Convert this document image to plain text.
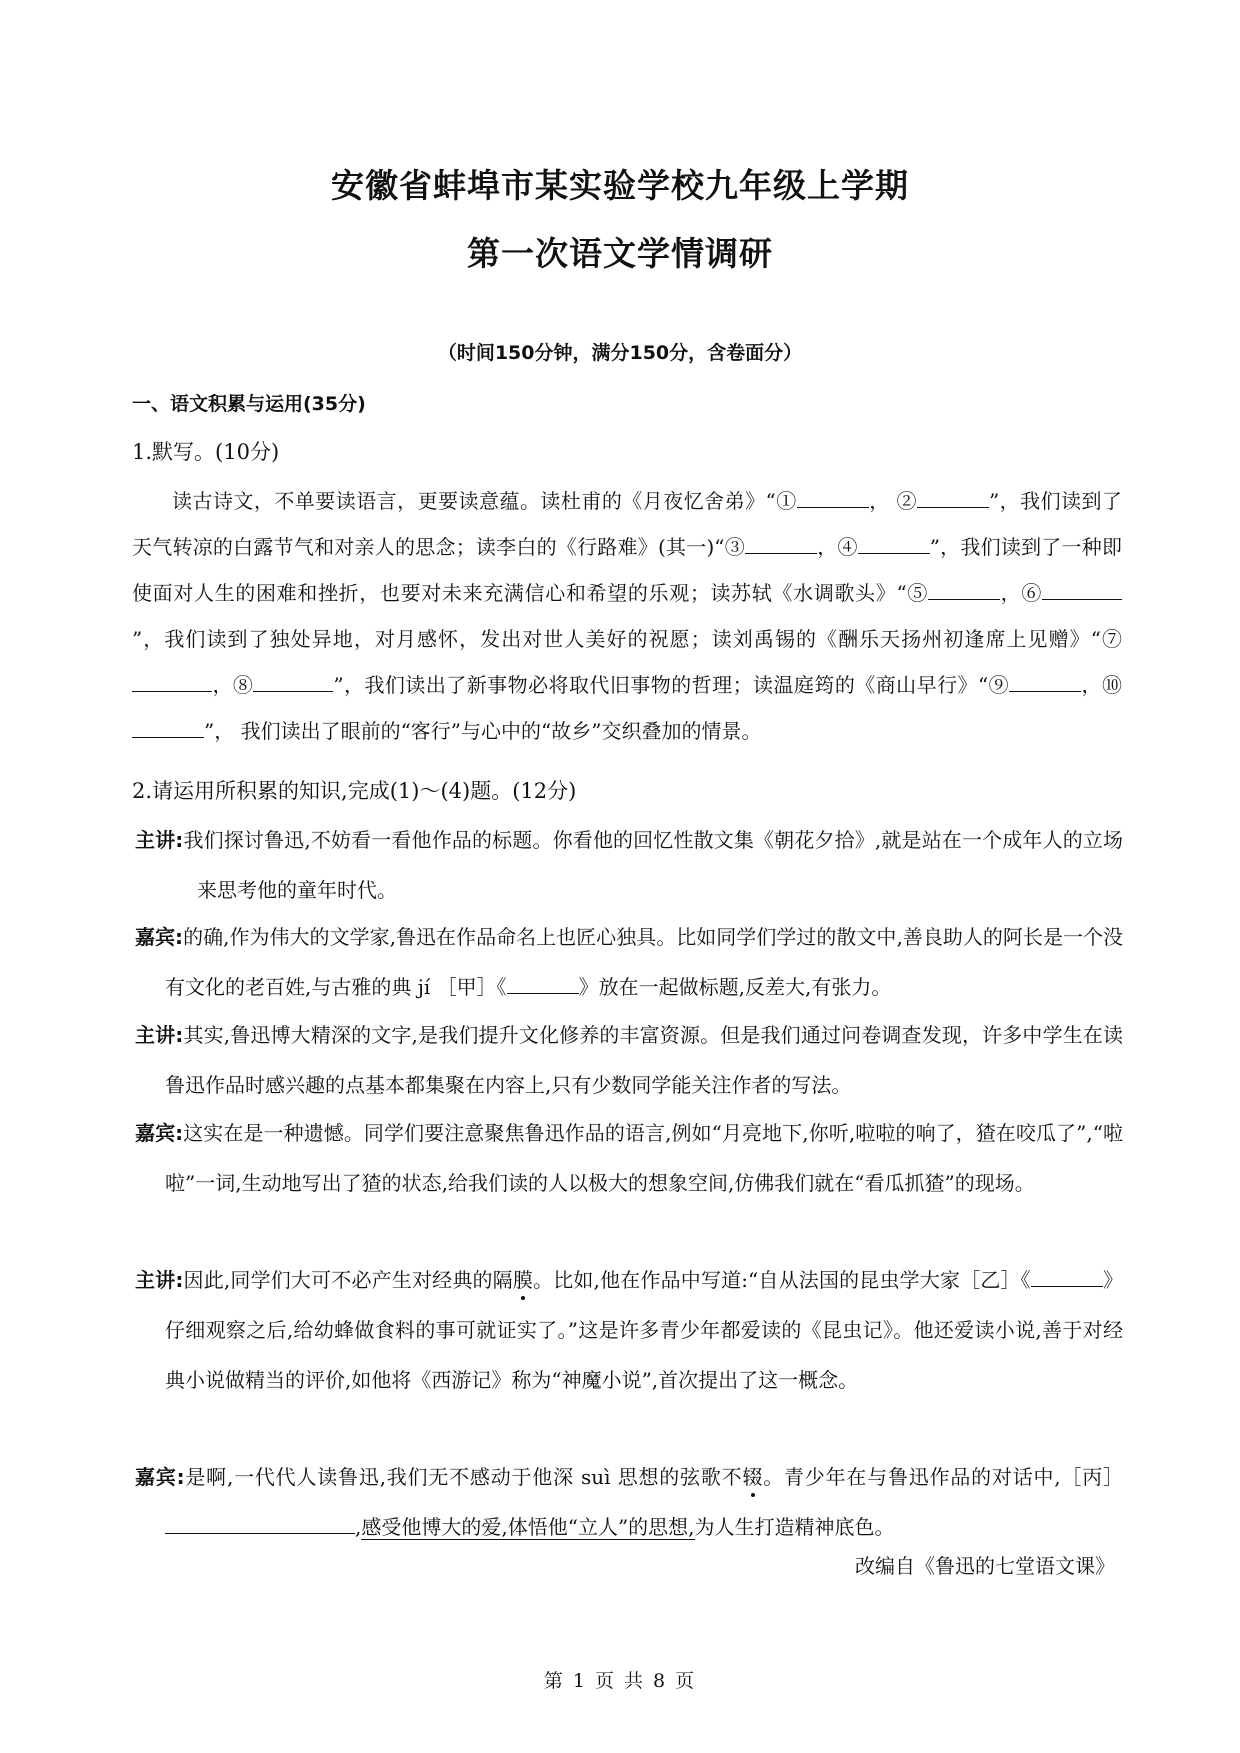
安徽省蚌埠市某实验学校九年级上学期
第一次语文学情调研
（时间150分钟，满分150分，含卷面分）
一、语文积累与运用(35分)
1.默写。(10分)
读古诗文，不单要读语言，更要读意蕴。读杜甫的《月夜忆舍弟》“①	， ②	”，我们读到了天气转凉的白露节气和对亲人的思念；读李白的《行路难》(其一)“③	，④	”，我们读到了一种即使面对人生的困难和挫折，也要对未来充满信心和希望的乐观；读苏轼《水调歌头》“⑤	，⑥”，我们读到了独处异地，对月感怀，发出对世人美好的祝愿；读刘禹锡的《酬乐天扬州初逢席上见赠》“⑦，⑧	”，我们读出了新事物必将取代旧事物的哲理；读温庭筠的《商山早行》“⑨	，⑩”， 我们读出了眼前的“客行”与心中的“故乡”交织叠加的情景。
2.请运用所积累的知识,完成(1)～(4)题。(12分)
主讲:我们探讨鲁迅,不妨看一看他作品的标题。你看他的回忆性散文集《朝花夕拾》,就是站在一个成年人的立场来思考他的童年时代。
嘉宾:的确,作为伟大的文学家,鲁迅在作品命名上也匠心独具。比如同学们学过的散文中,善良助人的阿长是一个没有文化的老百姓,与古雅的典 jí ［甲］《	》放在一起做标题,反差大,有张力。
主讲:其实,鲁迅博大精深的文字,是我们提升文化修养的丰富资源。但是我们通过问卷调查发现，许多中学生在读鲁迅作品时感兴趣的点基本都集聚在内容上,只有少数同学能关注作者的写法。
嘉宾:这实在是一种遗憾。同学们要注意聚焦鲁迅作品的语言,例如“月亮地下,你听,啦啦的响了，猹在咬瓜了”,“啦啦”一词,生动地写出了猹的状态,给我们读的人以极大的想象空间,仿佛我们就在“看瓜抓猹”的现场。
主讲:因此,同学们大可不必产生对经典的隔膜。比如,他在作品中写道:“自从法国的昆虫学大家［乙］《	》仔细观察之后,给幼蜂做食料的事可就证实了。”这是许多青少年都爱读的《昆虫记》。他还爱读小说,善于对经典小说做精当的评价,如他将《西游记》称为“神魔小说”,首次提出了这一概念。
嘉宾:是啊,一代代人读鲁迅,我们无不感动于他深 suì 思想的弦歌不辍。青少年在与鲁迅作品的对话中,［丙］,感受他博大的爱,体悟他“立人”的思想,为人生打造精神底色。
改编自《鲁迅的七堂语文课》
第 1 页 共 8 页
